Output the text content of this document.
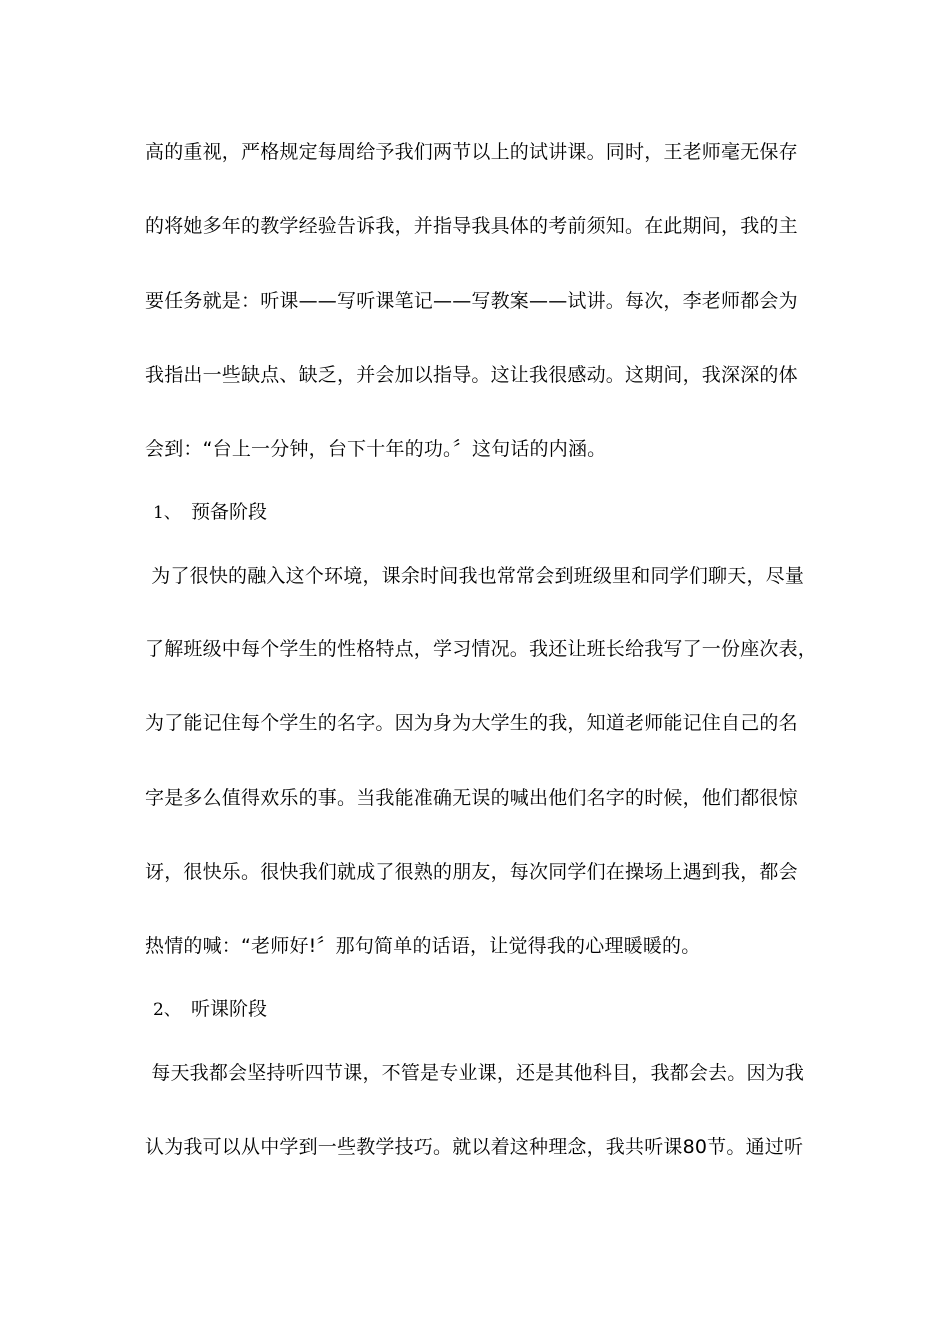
高的重视，严格规定每周给予我们两节以上的试讲课。同时，王老师毫无保存
的将她多年的教学经验告诉我，并指导我具体的考前须知。在此期间，我的主
要任务就是：听课——写听课笔记——写教案——试讲。每次，李老师都会为
我指出一些缺点、缺乏，并会加以指导。这让我很感动。这期间，我深深的体
会到：“台上一分钟，台下十年的功。〞这句话的内涵。
1、 预备阶段
为了很快的融入这个环境，课余时间我也常常会到班级里和同学们聊天，尽量
了解班级中每个学生的性格特点，学习情况。我还让班长给我写了一份座次表，
为了能记住每个学生的名字。因为身为大学生的我，知道老师能记住自己的名
字是多么值得欢乐的事。当我能准确无误的喊出他们名字的时候，他们都很惊
讶，很快乐。很快我们就成了很熟的朋友，每次同学们在操场上遇到我，都会
热情的喊：“老师好!〞那句简单的话语，让觉得我的心理暖暖的。
2、 听课阶段
每天我都会坚持听四节课，不管是专业课，还是其他科目，我都会去。因为我
认为我可以从中学到一些教学技巧。就以着这种理念，我共听课80节。通过听
